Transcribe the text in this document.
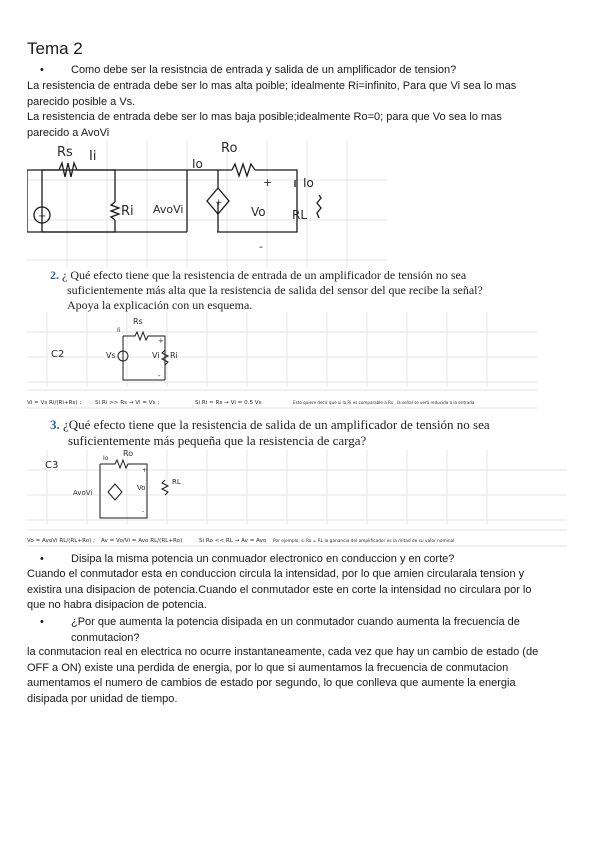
Tema 2
• Como debe ser la resistncia de entrada y salida de un amplificador de tension?
La resistencia de entrada debe ser lo mas alta poible; idealmente Ri=infinito, Para que Vi sea lo mas
parecido posible a Vs.
La resistencia de entrada debe ser lo mas baja posible;idealmente Ro=0; para que Vo sea lo mas
parecido a AvoVi
+
+
Rs Ii
Ri AvoVi
Io
Ro
+
Vo
-
Io
RL
2. ¿ Qué efecto tiene que la resistencia de entrada de un amplificador de tensión no sea
suficientemente más alta que la resistencia de salida del sensor del que recibe la señal?
Apoya la explicación con un esquema.
C2
Rs
Ii
Vs	Vi Ri
+
-
Vi = Vs Ri/(Ri+Rs) ; Si Ri >> Rs → Vi = Vs ;	Si Ri ≈ Rs → Vi = 0.5 Vs	Esto quiere decir que si la Ri es comparable a Rs , la señal se verá reducida a la entrada
3. ¿Qué efecto tiene que la resistencia de salida de un amplificador de tensión no sea
suficientemente más pequeña que la resistencia de carga?
C3
Io
Ro
AvoVi
+
Vo
RL
-
Vo = AvoVi RL/(RL+Ro) ; Av = Vo/Vi = Avo RL/(RL+Ro)	Si Ro << RL → Av = Avo Por ejemplo, si Ro = RL la ganancia del amplificador es la mitad de su valor nominal
• Disipa la misma potencia un conmuador electronico en conduccion y en corte?
Cuando el conmutador esta en conduccion circula la intensidad, por lo que amien circularala tension y
existira una disipacion de potencia.Cuando el conmutador este en corte la intensidad no circulara por lo
que no habra disipacion de potencia.
• ¿Por que aumenta la potencia disipada en un conmutador cuando aumenta la frecuencia de
conmutacion?
la conmutacion real en electrica no ocurre instantaneamente, cada vez que hay un cambio de estado (de
OFF a ON) existe una perdida de energia, por lo que si aumentamos la frecuencia de conmutacion
aumentamos el numero de cambios de estado por segundo, lo que conlleva que aumente la energia
disipada por unidad de tiempo.
